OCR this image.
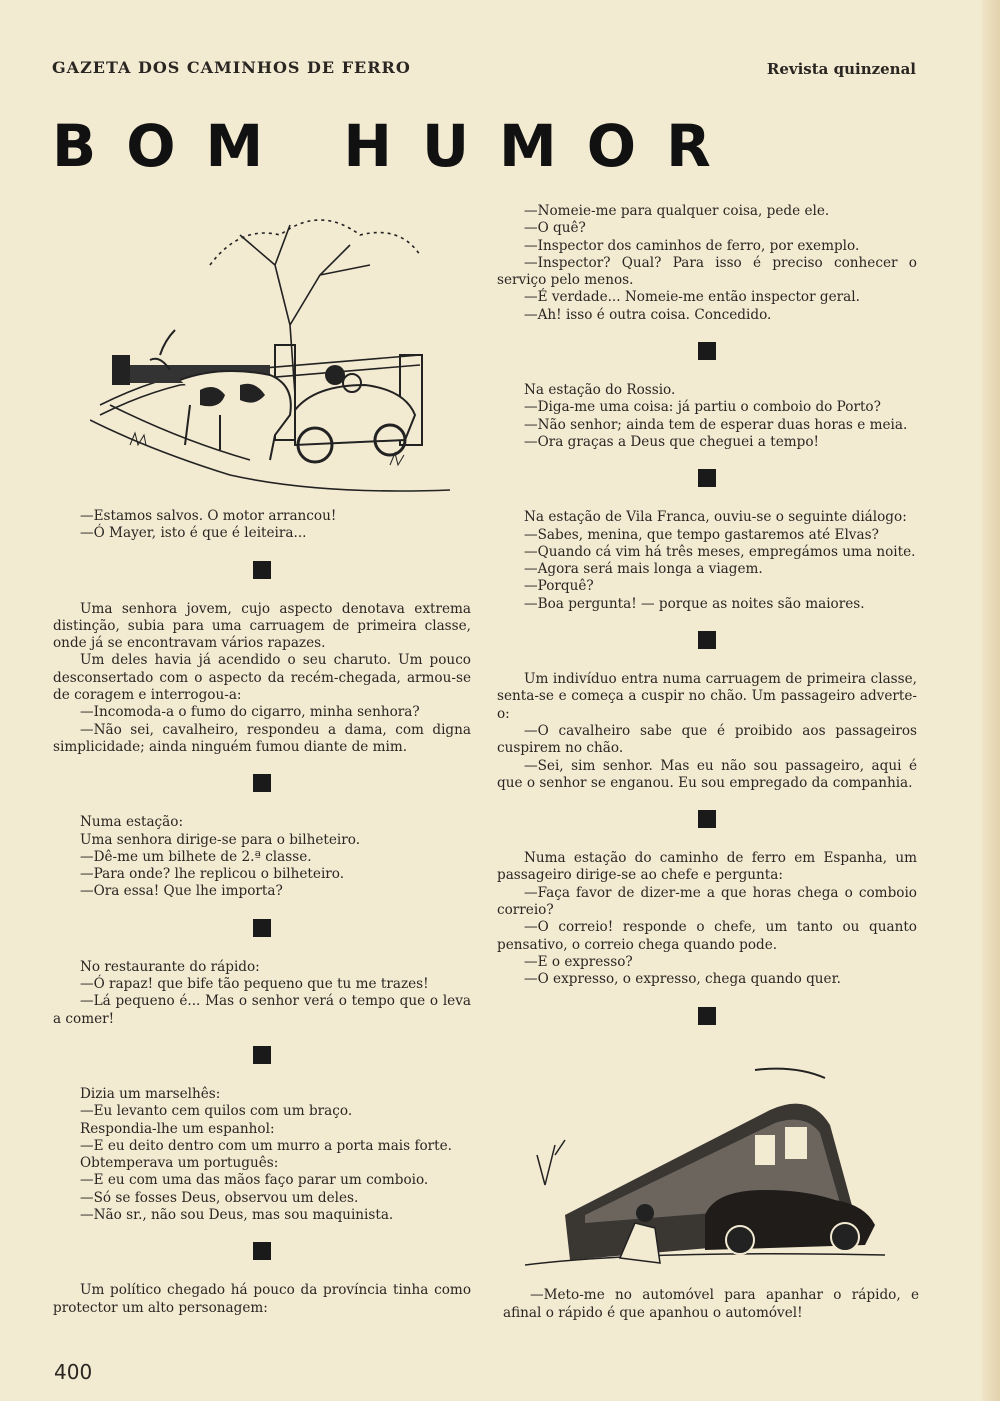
GAZETA DOS CAMINHOS DE FERRO	Revista quinzenal
BOM HUMOR

—Estamos salvos. O motor arrancou!

—Ó Mayer, isto é que é leiteira...

Uma senhora jovem, cujo aspecto denotava extrema distinção, subia para uma carruagem de primeira classe, onde já se encontravam vários rapazes.

Um deles havia já acendido o seu charuto. Um pouco desconsertado com o aspecto da recém-chegada, armou-se de coragem e interrogou-a:

—Incomoda-a o fumo do cigarro, minha senhora?

—Não sei, cavalheiro, respondeu a dama, com digna simplicidade; ainda ninguém fumou diante de mim.

Numa estação:

Uma senhora dirige-se para o bilheteiro.

—Dê-me um bilhete de 2.ª classe.

—Para onde? lhe replicou o bilheteiro.

—Ora essa! Que lhe importa?

No restaurante do rápido:

—Ó rapaz! que bife tão pequeno que tu me trazes!

—Lá pequeno é... Mas o senhor verá o tempo que o leva a comer!

Dizia um marselhês:

—Eu levanto cem quilos com um braço.

Respondia-lhe um espanhol:

—E eu deito dentro com um murro a porta mais forte.

Obtemperava um português:

—E eu com uma das mãos faço parar um comboio.

—Só se fosses Deus, observou um deles.

—Não sr., não sou Deus, mas sou maquinista.

Um político chegado há pouco da província tinha como protector um alto personagem:

—Nomeie-me para qualquer coisa, pede ele.

—O quê?

—Inspector dos caminhos de ferro, por exemplo.

—Inspector? Qual? Para isso é preciso conhecer o serviço pelo menos.

—É verdade... Nomeie-me então inspector geral.

—Ah! isso é outra coisa. Concedido.

Na estação do Rossio.

—Diga-me uma coisa: já partiu o comboio do Porto?

—Não senhor; ainda tem de esperar duas horas e meia.

—Ora graças a Deus que cheguei a tempo!

Na estação de Vila Franca, ouviu-se o seguinte diálogo:

—Sabes, menina, que tempo gastaremos até Elvas?

—Quando cá vim há três meses, empregámos uma noite.

—Agora será mais longa a viagem.

—Porquê?

—Boa pergunta! — porque as noites são maiores.

Um indivíduo entra numa carruagem de primeira classe, senta-se e começa a cuspir no chão. Um passageiro adverte-o:

—O cavalheiro sabe que é proibido aos passageiros cuspirem no chão.

—Sei, sim senhor. Mas eu não sou passageiro, aqui é que o senhor se enganou. Eu sou empregado da companhia.

Numa estação do caminho de ferro em Espanha, um passageiro dirige-se ao chefe e pergunta:

—Faça favor de dizer-me a que horas chega o comboio correio?

—O correio! responde o chefe, um tanto ou quanto pensativo, o correio chega quando pode.

—E o expresso?

—O expresso, o expresso, chega quando quer.

—Meto-me no automóvel para apanhar o rápido, e afinal o rápido é que apanhou o automóvel!

400
